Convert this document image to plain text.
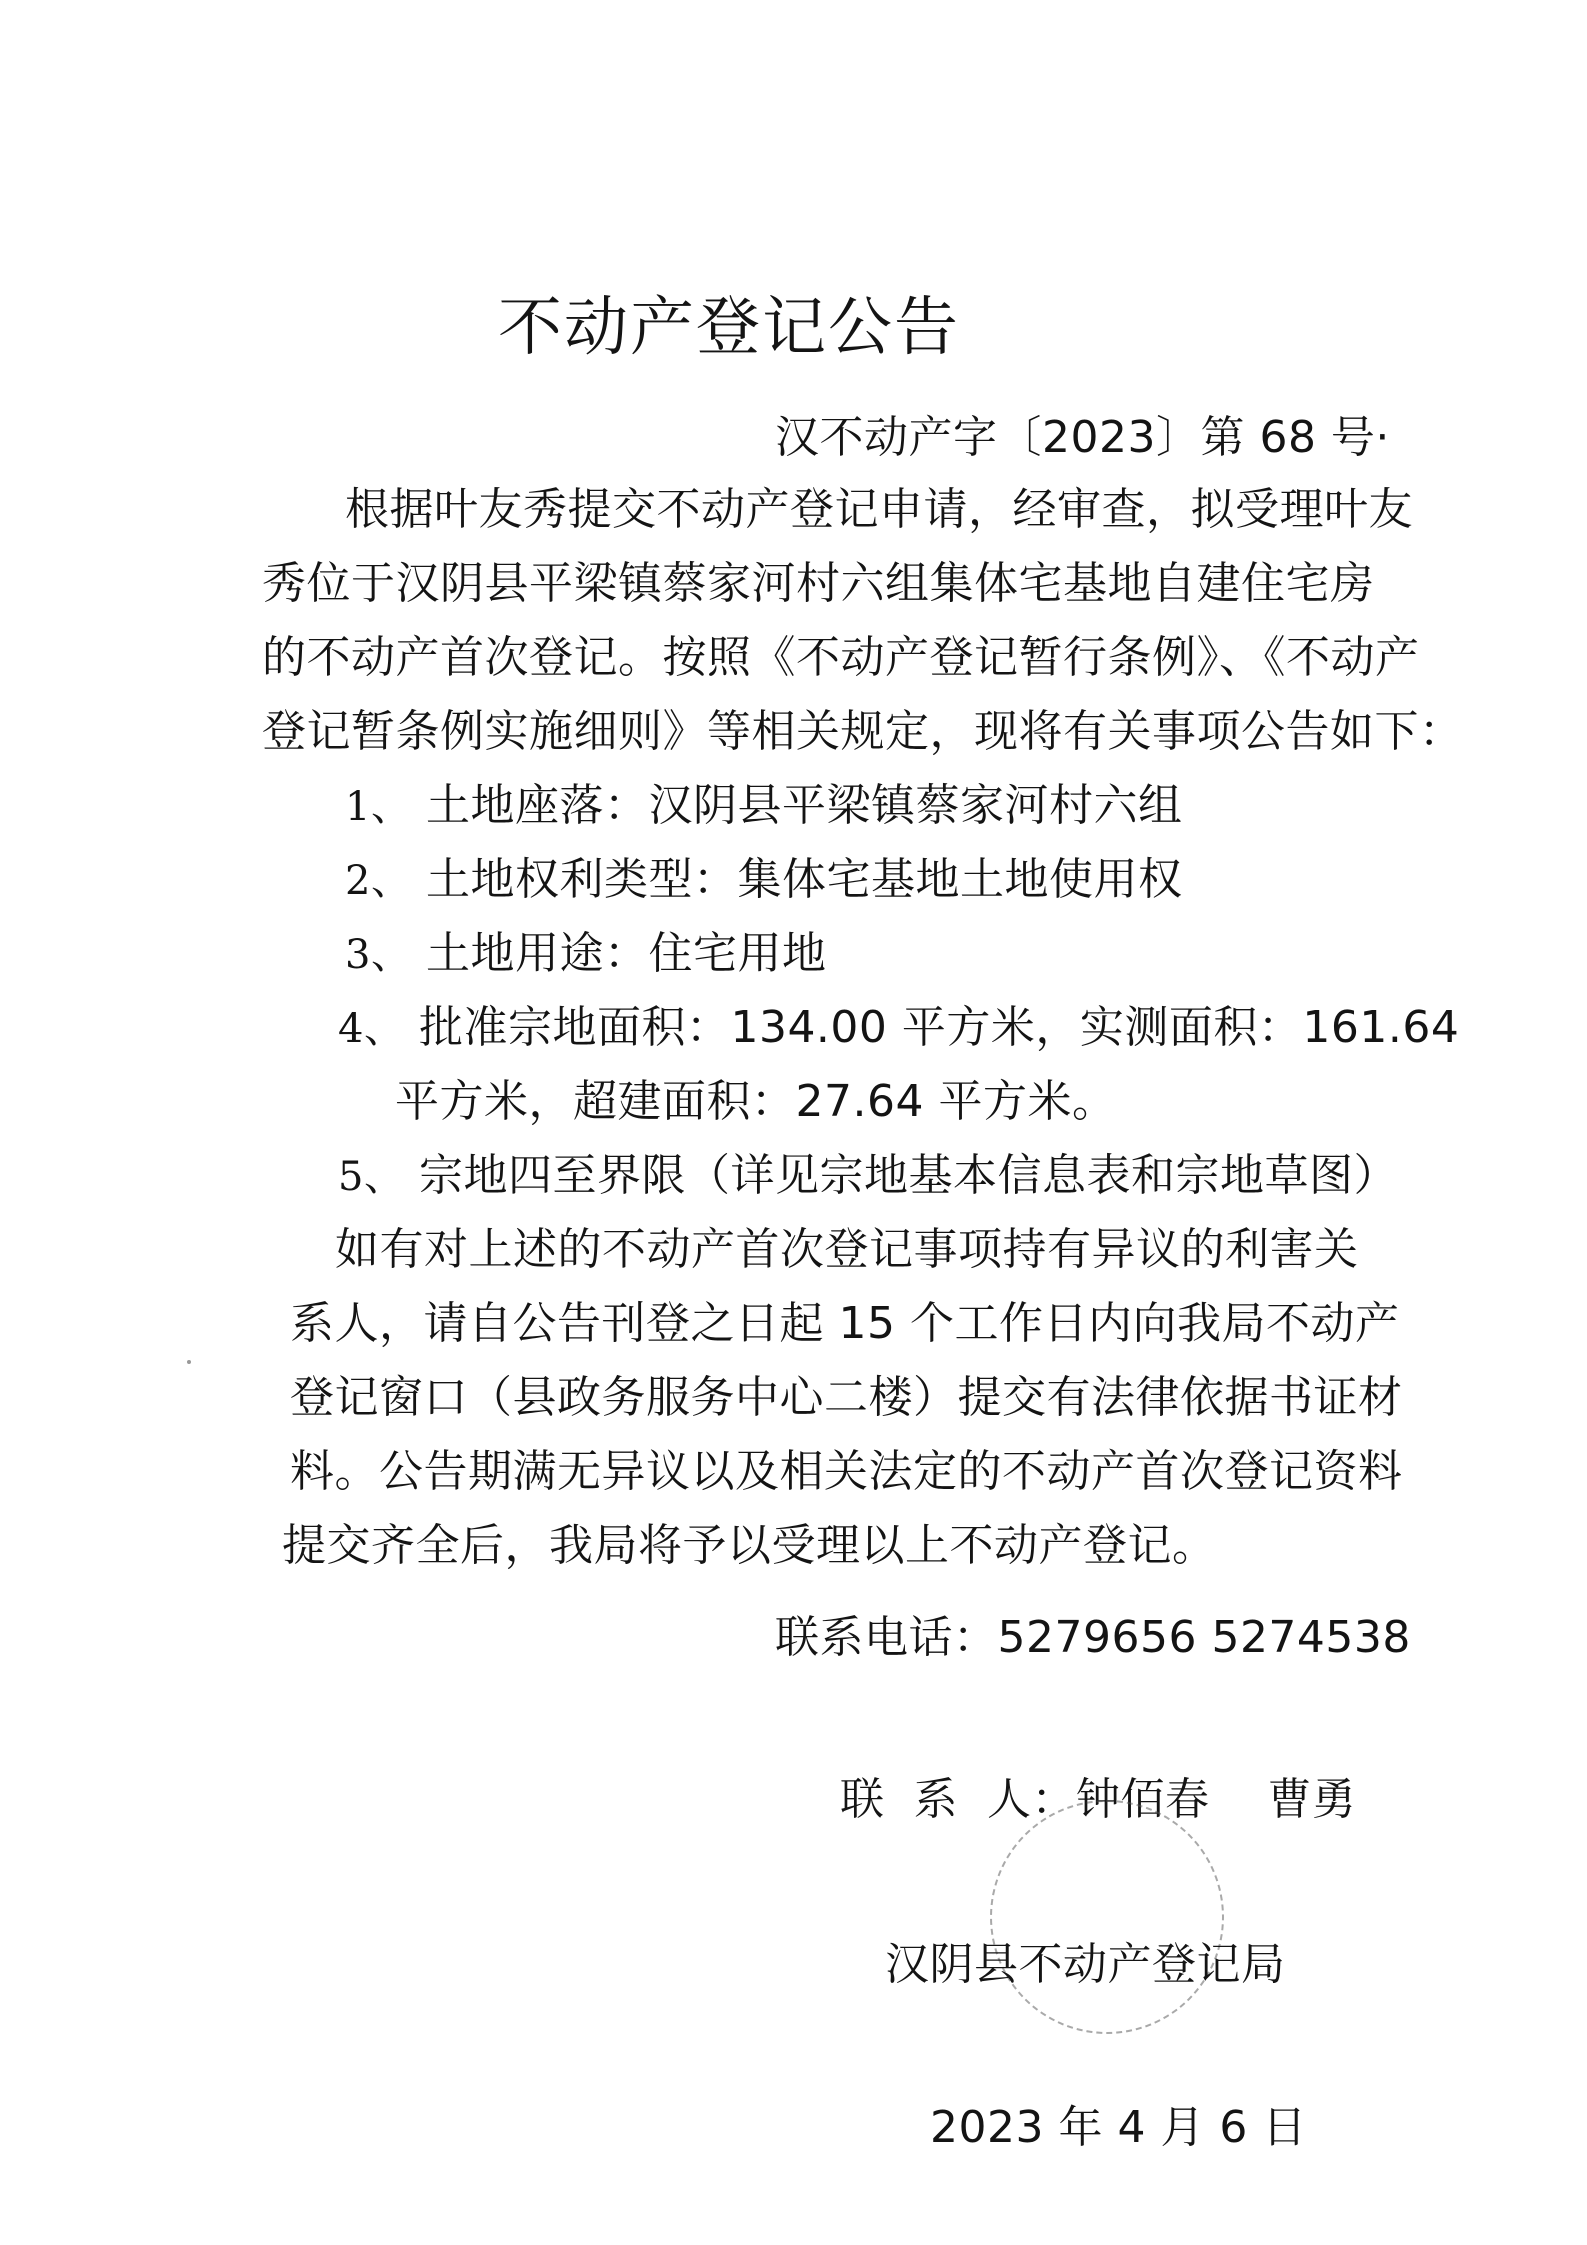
不动产登记公告
汉不动产字〔2023〕第 68 号·
根据叶友秀提交不动产登记申请，经审查，拟受理叶友
秀位于汉阴县平梁镇蔡家河村六组集体宅基地自建住宅房
的不动产首次登记。按照《不动产登记暂行条例》、《不动产
登记暂条例实施细则》等相关规定，现将有关事项公告如下：
1、 土地座落：汉阴县平梁镇蔡家河村六组
2、 土地权利类型：集体宅基地土地使用权
3、 土地用途：住宅用地
4、 批准宗地面积：134.00 平方米，实测面积：161.64
平方米，超建面积：27.64 平方米。
5、 宗地四至界限（详见宗地基本信息表和宗地草图）
如有对上述的不动产首次登记事项持有异议的利害关
系人，请自公告刊登之日起 15 个工作日内向我局不动产
登记窗口（县政务服务中心二楼）提交有法律依据书证材
料。公告期满无异议以及相关法定的不动产首次登记资料
提交齐全后，我局将予以受理以上不动产登记。
联系电话：5279656 5274538
联  系  人：钟佰春    曹勇
汉阴县不动产登记局
2023 年 4 月 6 日
